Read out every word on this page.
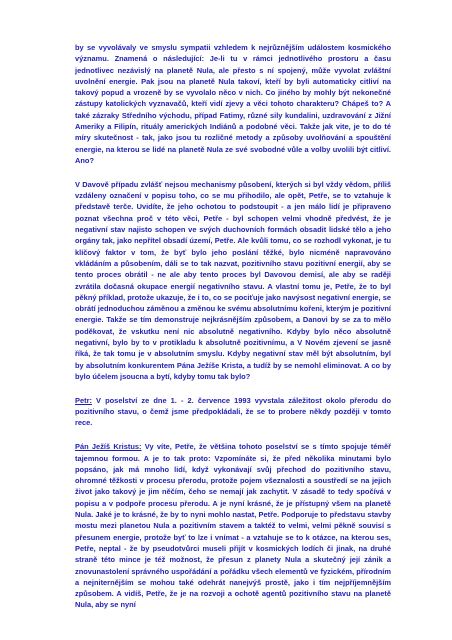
by se vyvolávaly ve smyslu sympatii vzhledem k nejrůznějším událostem kosmického významu. Znamená o následující: Je-li tu v rámci jednotlivého prostoru a času jednotlivec nezávislý na planetě Nula, ale přesto s ní spojený, může vyvolat zvláštní uvolnění energie. Pak jsou na planetě Nula takoví, kteří by byli automaticky citliví na takový popud a vrozeně by se vyvolalo něco v nich. Co jiného by mohly být nekonečné zástupy katolických vyznavačů, kteří vidí zjevy a věci tohoto charakteru? Chápeš to? A také zázraky Středního východu, případ Fatimy, různé sily kundalini, uzdravování z Jižní Ameriky a Filipín, rituály amerických Indiánů a podobné věci. Takže jak vite, je to do té míry skutečnost - tak, jako jsou tu rozličné metody a způsoby uvolňování a spouštění energie, na kterou se lidé na planetě Nula ze své svobodné vůle a volby uvolili být citliví. Ano?

V Davově případu zvlášť nejsou mechanismy působení, kterých si byl vždy vědom, příliš vzdáleny označení v popisu toho, co se mu přihodilo, ale opět, Petře, se to vztahuje k představě terče. Uvidíte, že jeho ochotou to podstoupit - a jen málo lidí je připraveno poznat všechna proč v této věci, Petře - byl schopen velmi vhodně předvést, že je negativní stav najisto schopen ve svých duchovních formách obsadit lidské tělo a jeho orgány tak, jako nepřítel obsadí území, Petře. Ale kvůli tomu, co se rozhodl vykonat, je tu klíčový faktor v tom, že byť bylo jeho poslání těžké, bylo nicméně napravováno vkládáním a působením, dáli se to tak nazvat, pozitivního stavu pozitivní energií, aby se tento proces obrátil - ne ale aby tento proces byl Davovou demisí, ale aby se raději zvrátila dočasná okupace energií negativního stavu. A vlastní tomu je, Petře, že to byl pěkný příklad, protože ukazuje, že i to, co se pociťuje jako navýsost negativní energie, se obrátí jednoduchou záměnou a změnou ke svému absolutnímu kořeni, kterým je pozitivní energie. Takže se tím demonstruje nejkrásnějším způsobem, a Danovi by se za to mělo poděkovat, že vskutku není nic absolutně negativního. Kdyby bylo něco absolutně negativní, bylo by to v protikladu k absolutně pozitivnímu, a V Novém zjevení se jasně říká, že tak tomu je v absolutním smyslu. Kdyby negativní stav měl být absolutním, byl by absolutním konkurentem Pána Ježíše Krista, a tudíž by se nemohl eliminovat. A co by bylo účelem jsoucna a bytí, kdyby tomu tak bylo?

Petr: V poselství ze dne 1. - 2. července 1993 vyvstala záležitost okolo přerodu do pozitivního stavu, o čemž jsme předpokládali, že se to probere někdy později v tomto rece.

Pán Ježíš Kristus: Vy víte, Petře, že většina tohoto poselství se s tímto spojuje téměř tajemnou formou. A je to tak proto: Vzpomínáte si, že před několika minutami bylo popsáno, jak má mnoho lidí, když vykonávají svůj přechod do pozitivního stavu, ohromné těžkosti v procesu přerodu, protože pojem všeznalosti a soustředí se na jejich život jako takový je jim něčím, čeho se nemají jak zachytit. V zásadě to tedy spočívá v popisu a v podpoře procesu přerodu. A je nyní krásné, že je přístupný všem na planetě Nula. Jaké je to krásné, že by to nyni mohlo nastat, Petře. Podporuje to představu stavby mostu mezi planetou Nula a pozitivním stavem a taktéž to velmi, velmi pěkně souvisí s přesunem energie, protože byť to lze i vnímat - a vztahuje se to k otázce, na kterou ses, Petře, neptal - že by pseudotvůrci museli přijít v kosmických lodích či jinak, na druhé straně této mince je též možnost, že přesun z planety Nula a skutečný její zánik a znovunastolení správného uspořádání a pořádku všech elementů ve fyzickém, přírodním a nejniternějším se mohou také odehrát nanejvýš prostě, jako i tím nejpříjemnějším způsobem. A vidíš, Petře, že je na rozvoji a ochotě agentů pozitivního stavu na planetě Nula, aby se nyní
